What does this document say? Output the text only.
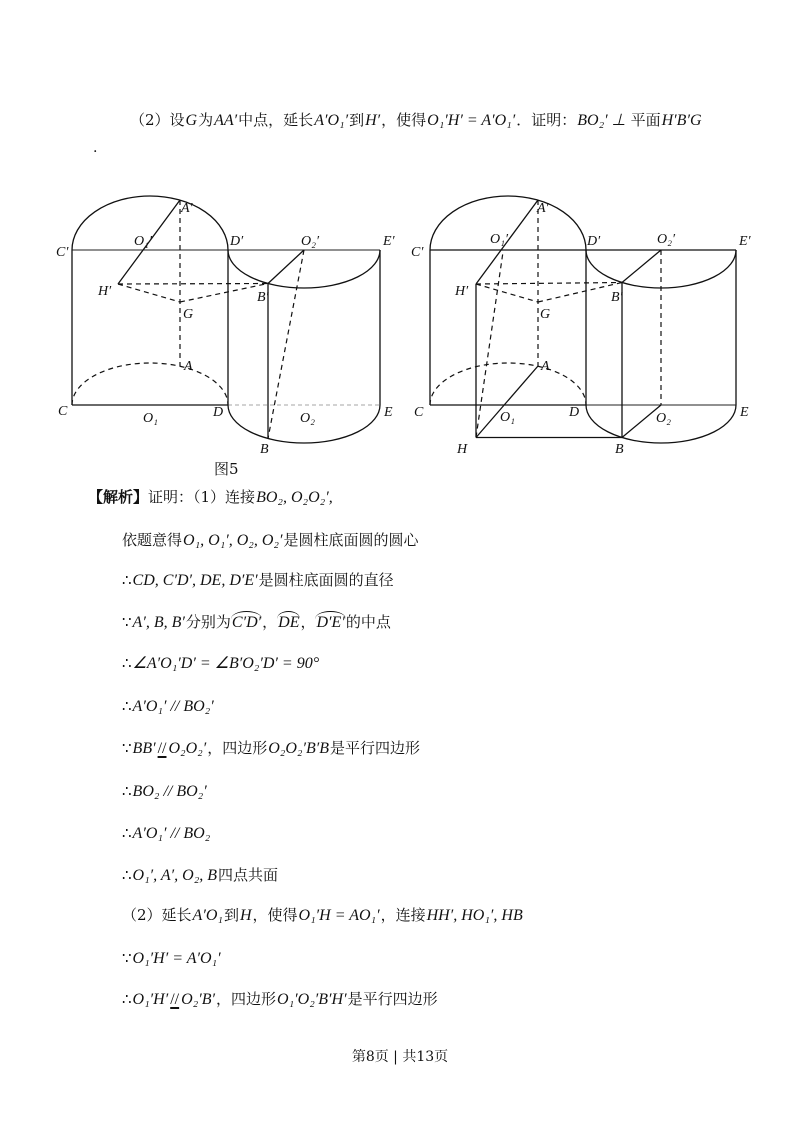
（2）设G为AA′中点，延长A′O₁′到H′，使得O₁′H′ = A′O₁′．证明：BO₂′ ⊥ 平面H′B′G
.
C′
O₁′
A′
D′	O₂′	E′
H′	B′
G
A
C	O₁	D	O₂	E
B
C′
O₁′
A′
D′	O₂′	E′
H′	B′
G
A
C	O₁	D	O₂	E
H	B
图5
【解析】证明：（1）连接BO₂, O₂O₂′,
依题意得O₁, O₁′, O₂, O₂′是圆柱底面圆的圆心
∴CD, C′D′, DE, D′E′是圆柱底面圆的直径
∵A′, B, B′分别为C′D′，DE，D′E′的中点
∴∠A′O₁′D′ = ∠B′O₂′D′ = 90°
∴A′O₁′ // BO₂′
∵BB′ // O₂O₂′，四边形O₂O₂′B′B是平行四边形
∴BO₂ // BO₂′
∴A′O₁′ // BO₂
∴O₁′, A′, O₂, B四点共面
（2）延长A′O₁到H，使得O₁′H = AO₁′，连接HH′, HO₁′, HB
∵O₁′H′ = A′O₁′
∴O₁′H′ // O₂′B′，四边形O₁′O₂′B′H′是平行四边形
第8页 | 共13页
